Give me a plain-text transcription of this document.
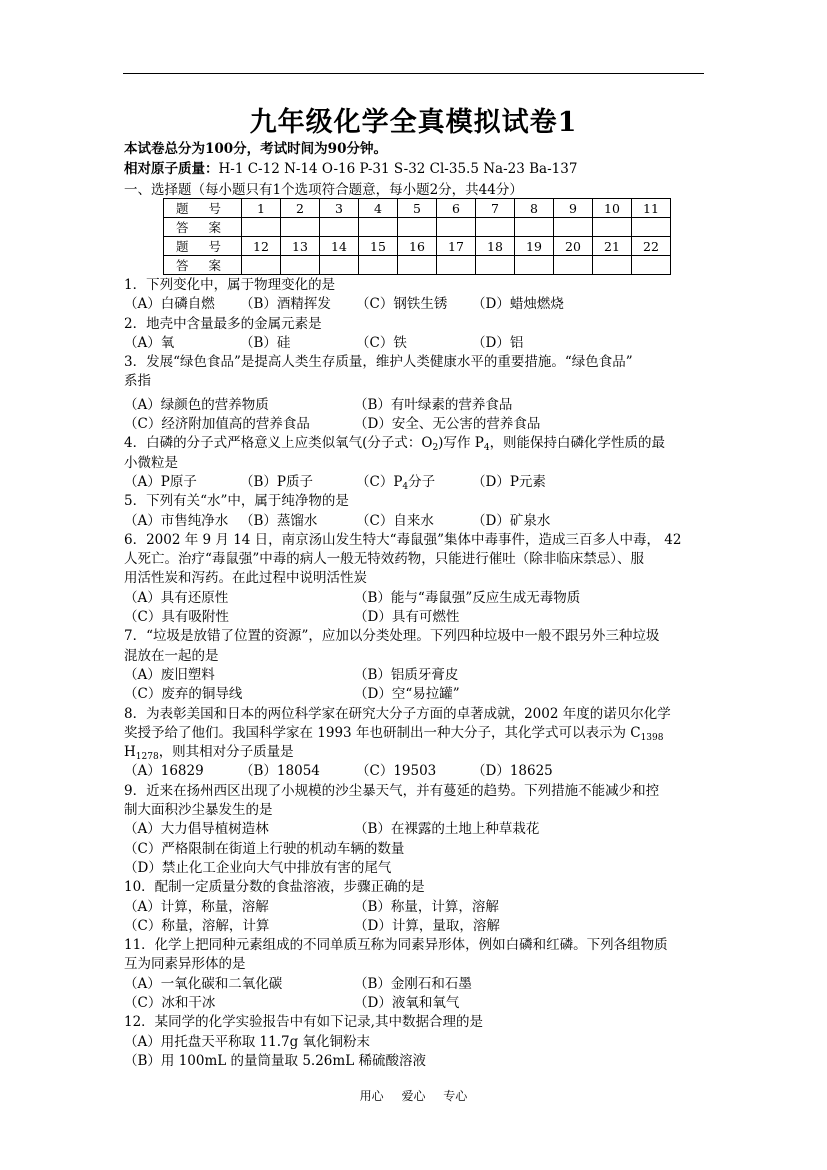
九年级化学全真模拟试卷1
本试卷总分为100分，考试时间为90分钟。
相对原子质量：H-1 C-12 N-14 O-16 P-31 S-32 Cl-35.5 Na-23 Ba-137
一、选择题（每小题只有1个选项符合题意，每小题2分，共44分）
题 号	1	2	3	4	5	6	7	8	9	10	11
答 案											
题 号	12	13	14	15	16	17	18	19	20	21	22
答 案											
1．下列变化中，属于物理变化的是
（A）白磷自燃 （B）酒精挥发 （C）钢铁生锈 （D）蜡烛燃烧
2．地壳中含量最多的金属元素是
（A）氧	（B）硅	（C）铁	（D）铝
3．发展“绿色食品”是提高人类生存质量，维护人类健康水平的重要措施。“绿色食品”
系指
（A）绿颜色的营养物质	（B）有叶绿素的营养食品
（C）经济附加值高的营养食品	（D）安全、无公害的营养食品
4．白磷的分子式严格意义上应类似氧气(分子式：$O_2$)写作 $P_4$，则能保持白磷化学性质的最
小微粒是
（A）P原子	（B）P质子	$(C)P_4$分子	（D）P元素
5．下列有关“水”中，属于纯净物的是
（A）市售纯净水 （B）蒸馏水	（C）自来水	（D）矿泉水
6．2002 年 9 月 14 日，南京汤山发生特大“毒鼠强”集体中毒事件，造成三百多人中毒， 42
人死亡。治疗“毒鼠强”中毒的病人一般无特效药物，只能进行催吐（除非临床禁忌）、服
用活性炭和泻药。在此过程中说明活性炭
（A）具有还原性	（B）能与“毒鼠强”反应生成无毒物质
（C）具有吸附性	（D）具有可燃性
7．“垃圾是放错了位置的资源”，应加以分类处理。下列四种垃圾中一般不跟另外三种垃圾
混放在一起的是
（A）废旧塑料	（B）铝质牙膏皮
（C）废弃的铜导线	（D）空“易拉罐”
8．为表彰美国和日本的两位科学家在研究大分子方面的卓著成就，2002 年度的诺贝尔化学
奖授予给了他们。我国科学家在 1993 年也研制出一种大分子，其化学式可以表示为 $C_{1398}$
$H_{1278}$，则其相对分子质量是
（A）16829	（B）18054	（C）19503	（D）18625
9．近来在扬州西区出现了小规模的沙尘暴天气，并有蔓延的趋势。下列措施不能减少和控
制大面积沙尘暴发生的是
（A）大力倡导植树造林	（B）在裸露的土地上种草栽花
（C）严格限制在街道上行驶的机动车辆的数量
（D）禁止化工企业向大气中排放有害的尾气
10．配制一定质量分数的食盐溶液，步骤正确的是
（A）计算，称量，溶解	（B）称量，计算，溶解
（C）称量，溶解，计算	（D）计算，量取，溶解
11．化学上把同种元素组成的不同单质互称为同素异形体，例如白磷和红磷。下列各组物质
互为同素异形体的是
（A）一氧化碳和二氧化碳	（B）金刚石和石墨
（C）冰和干冰	（D）液氧和氧气
12．某同学的化学实验报告中有如下记录,其中数据合理的是
（A）用托盘天平称取 11.7g 氧化铜粉末
（B）用 100mL 的量筒量取 5.26mL 稀硫酸溶液
用心 爱心 专心
